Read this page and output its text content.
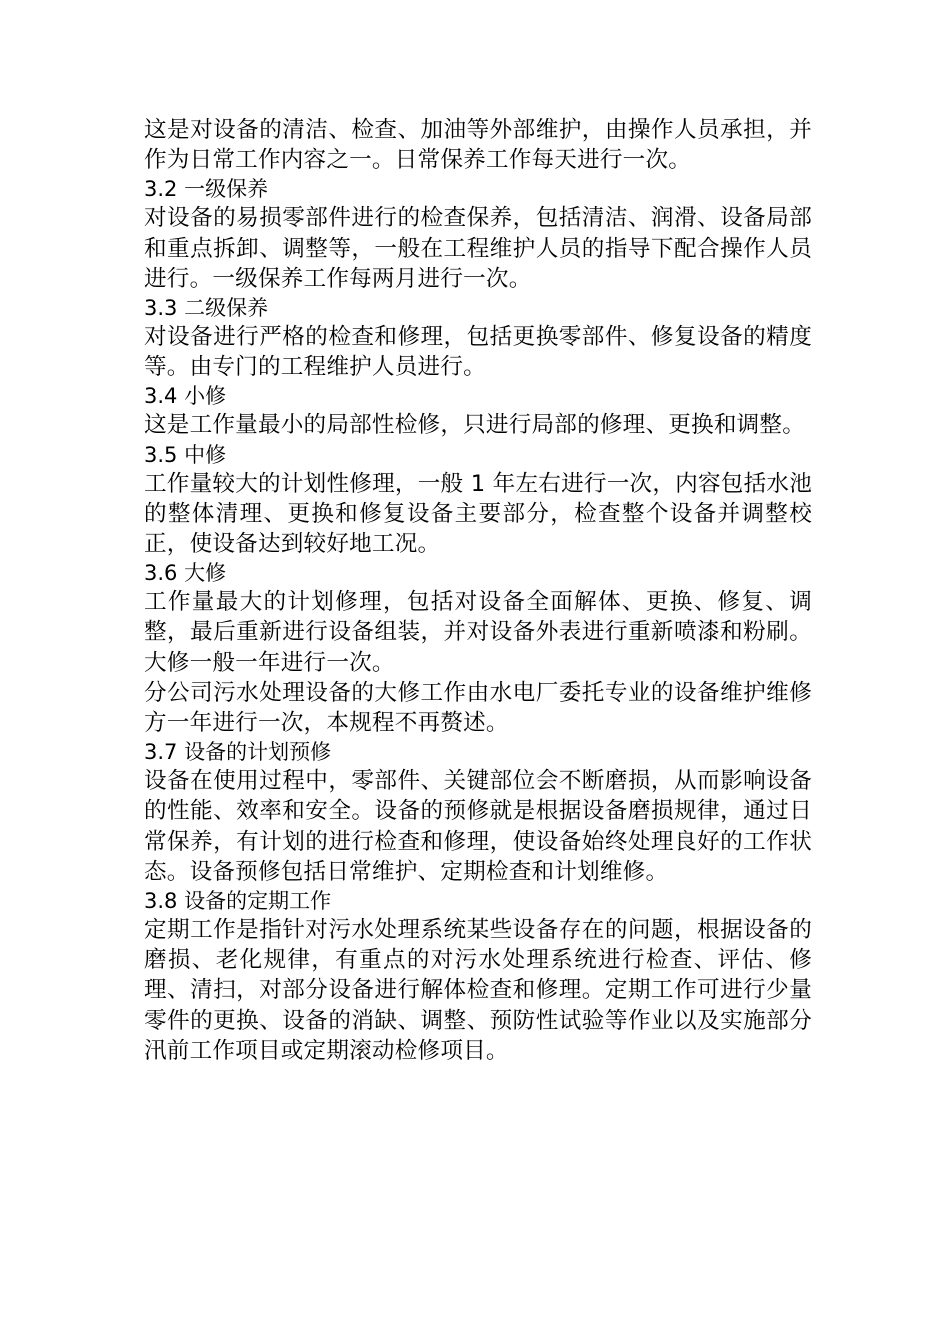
这是对设备的清洁、检查、加油等外部维护，由操作人员承担，并作为日常工作内容之一。日常保养工作每天进行一次。

3.2 一级保养

对设备的易损零部件进行的检查保养，包括清洁、润滑、设备局部和重点拆卸、调整等，一般在工程维护人员的指导下配合操作人员进行。一级保养工作每两月进行一次。

3.3 二级保养

对设备进行严格的检查和修理，包括更换零部件、修复设备的精度等。由专门的工程维护人员进行。

3.4 小修

这是工作量最小的局部性检修，只进行局部的修理、更换和调整。

3.5 中修

工作量较大的计划性修理，一般 1 年左右进行一次，内容包括水池的整体清理、更换和修复设备主要部分，检查整个设备并调整校正，使设备达到较好地工况。

3.6 大修

工作量最大的计划修理，包括对设备全面解体、更换、修复、调整，最后重新进行设备组装，并对设备外表进行重新喷漆和粉刷。大修一般一年进行一次。

分公司污水处理设备的大修工作由水电厂委托专业的设备维护维修方一年进行一次，本规程不再赘述。

3.7 设备的计划预修

设备在使用过程中，零部件、关键部位会不断磨损，从而影响设备的性能、效率和安全。设备的预修就是根据设备磨损规律，通过日常保养，有计划的进行检查和修理，使设备始终处理良好的工作状态。设备预修包括日常维护、定期检查和计划维修。

3.8 设备的定期工作

定期工作是指针对污水处理系统某些设备存在的问题，根据设备的磨损、老化规律，有重点的对污水处理系统进行检查、评估、修理、清扫，对部分设备进行解体检查和修理。定期工作可进行少量零件的更换、设备的消缺、调整、预防性试验等作业以及实施部分汛前工作项目或定期滚动检修项目。
